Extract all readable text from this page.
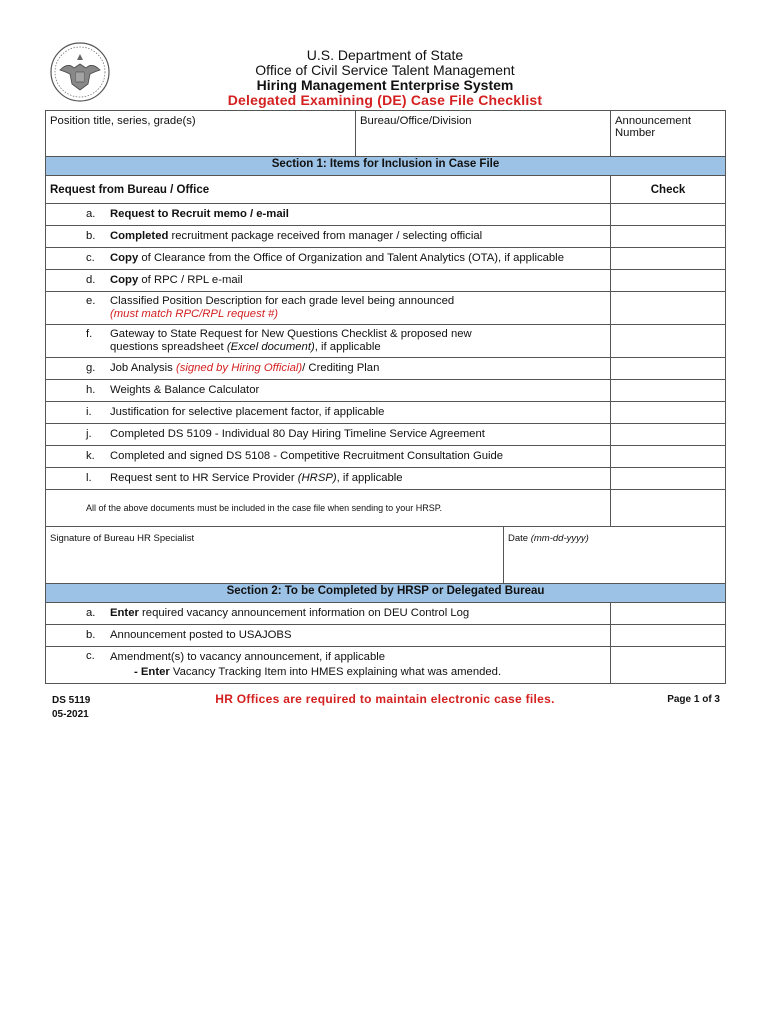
U.S. Department of State
Office of Civil Service Talent Management
Hiring Management Enterprise System
Delegated Examining (DE) Case File Checklist
Position title, series, grade(s)	Bureau/Office/Division		Announcement Number
Section 1: Items for Inclusion in Case File			
Request from Bureau / Office			Check

a. Request to Recruit memo / e-mail			

b. Completed recruitment package received from manager / selecting official			

c. Copy of Clearance from the Office of Organization and Talent Analytics (OTA), if applicable			

d. Copy of RPC / RPL e-mail			

e. Classified Position Description for each grade level being announced
(must match RPC/RPL request #)			

f. Gateway to State Request for New Questions Checklist & proposed new
questions spreadsheet (Excel document), if applicable			

g. Job Analysis (signed by Hiring Official)/ Crediting Plan			

h. Weights & Balance Calculator			

i. Justification for selective placement factor, if applicable			

j. Completed DS 5109 - Individual 80 Day Hiring Timeline Service Agreement			

k. Completed and signed DS 5108 - Competitive Recruitment Consultation Guide			

l. Request sent to HR Service Provider (HRSP), if applicable			

All of the above documents must be included in the case file when sending to your HRSP.			
Signature of Bureau HR Specialist		Date (mm-dd-yyyy)	
Section 2: To be Completed by HRSP or Delegated Bureau			

a. Enter required vacancy announcement information on DEU Control Log			

b. Announcement posted to USAJOBS			

c. Amendment(s) to vacancy announcement, if applicable
- Enter Vacancy Tracking Item into HMES explaining what was amended.			

DS 5119
05-2021
HR Offices are required to maintain electronic case files.	Page 1 of 3
